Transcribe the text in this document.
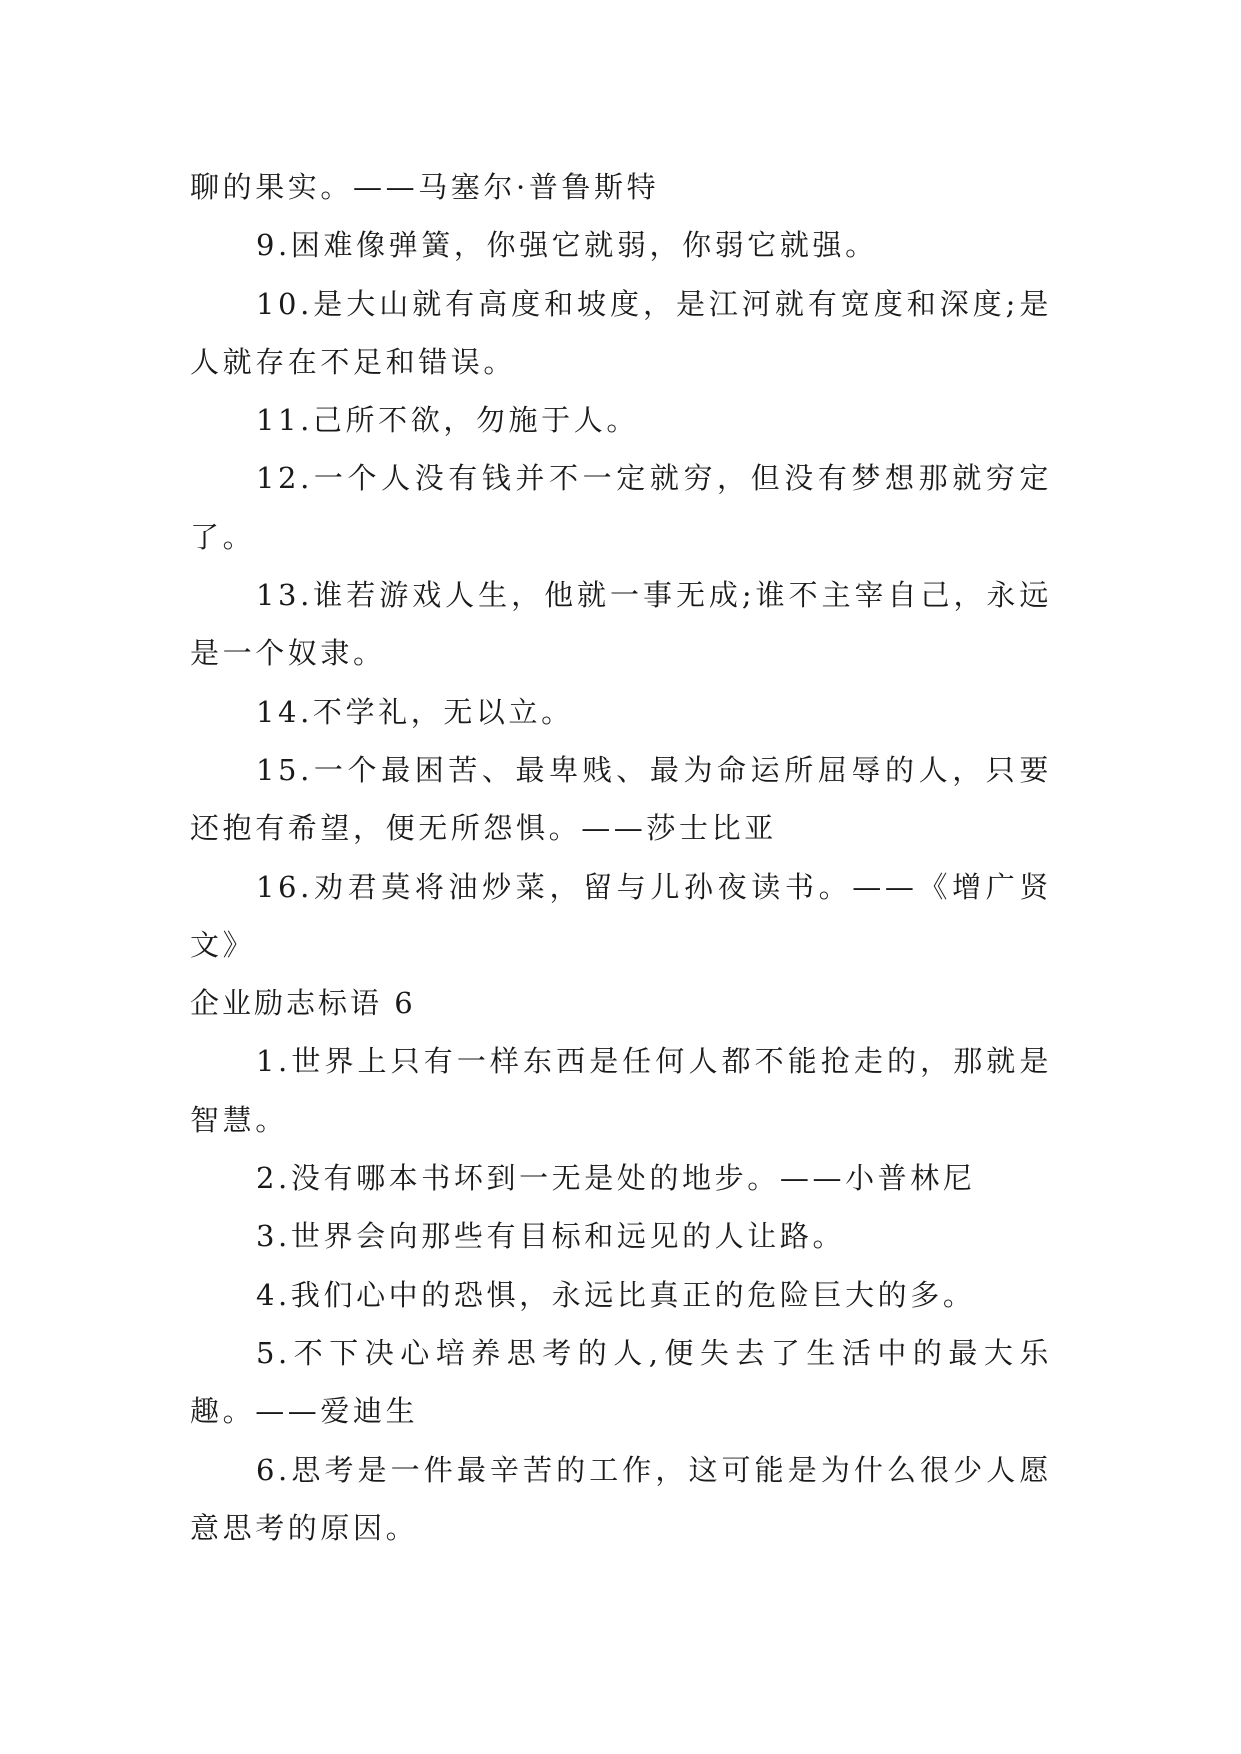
聊的果实。——马塞尔·普鲁斯特

9.困难像弹簧，你强它就弱，你弱它就强。

10.是大山就有高度和坡度，是江河就有宽度和深度;是人就存在不足和错误。

11.己所不欲，勿施于人。

12.一个人没有钱并不一定就穷，但没有梦想那就穷定了。

13.谁若游戏人生，他就一事无成;谁不主宰自己，永远是一个奴隶。

14.不学礼，无以立。

15.一个最困苦、最卑贱、最为命运所屈辱的人，只要还抱有希望，便无所怨惧。——莎士比亚

16.劝君莫将油炒菜，留与儿孙夜读书。——《增广贤文》

企业励志标语 6

1.世界上只有一样东西是任何人都不能抢走的，那就是智慧。

2.没有哪本书坏到一无是处的地步。——小普林尼

3.世界会向那些有目标和远见的人让路。

4.我们心中的恐惧，永远比真正的危险巨大的多。

5.不下决心培养思考的人,便失去了生活中的最大乐趣。——爱迪生

6.思考是一件最辛苦的工作，这可能是为什么很少人愿意思考的原因。
